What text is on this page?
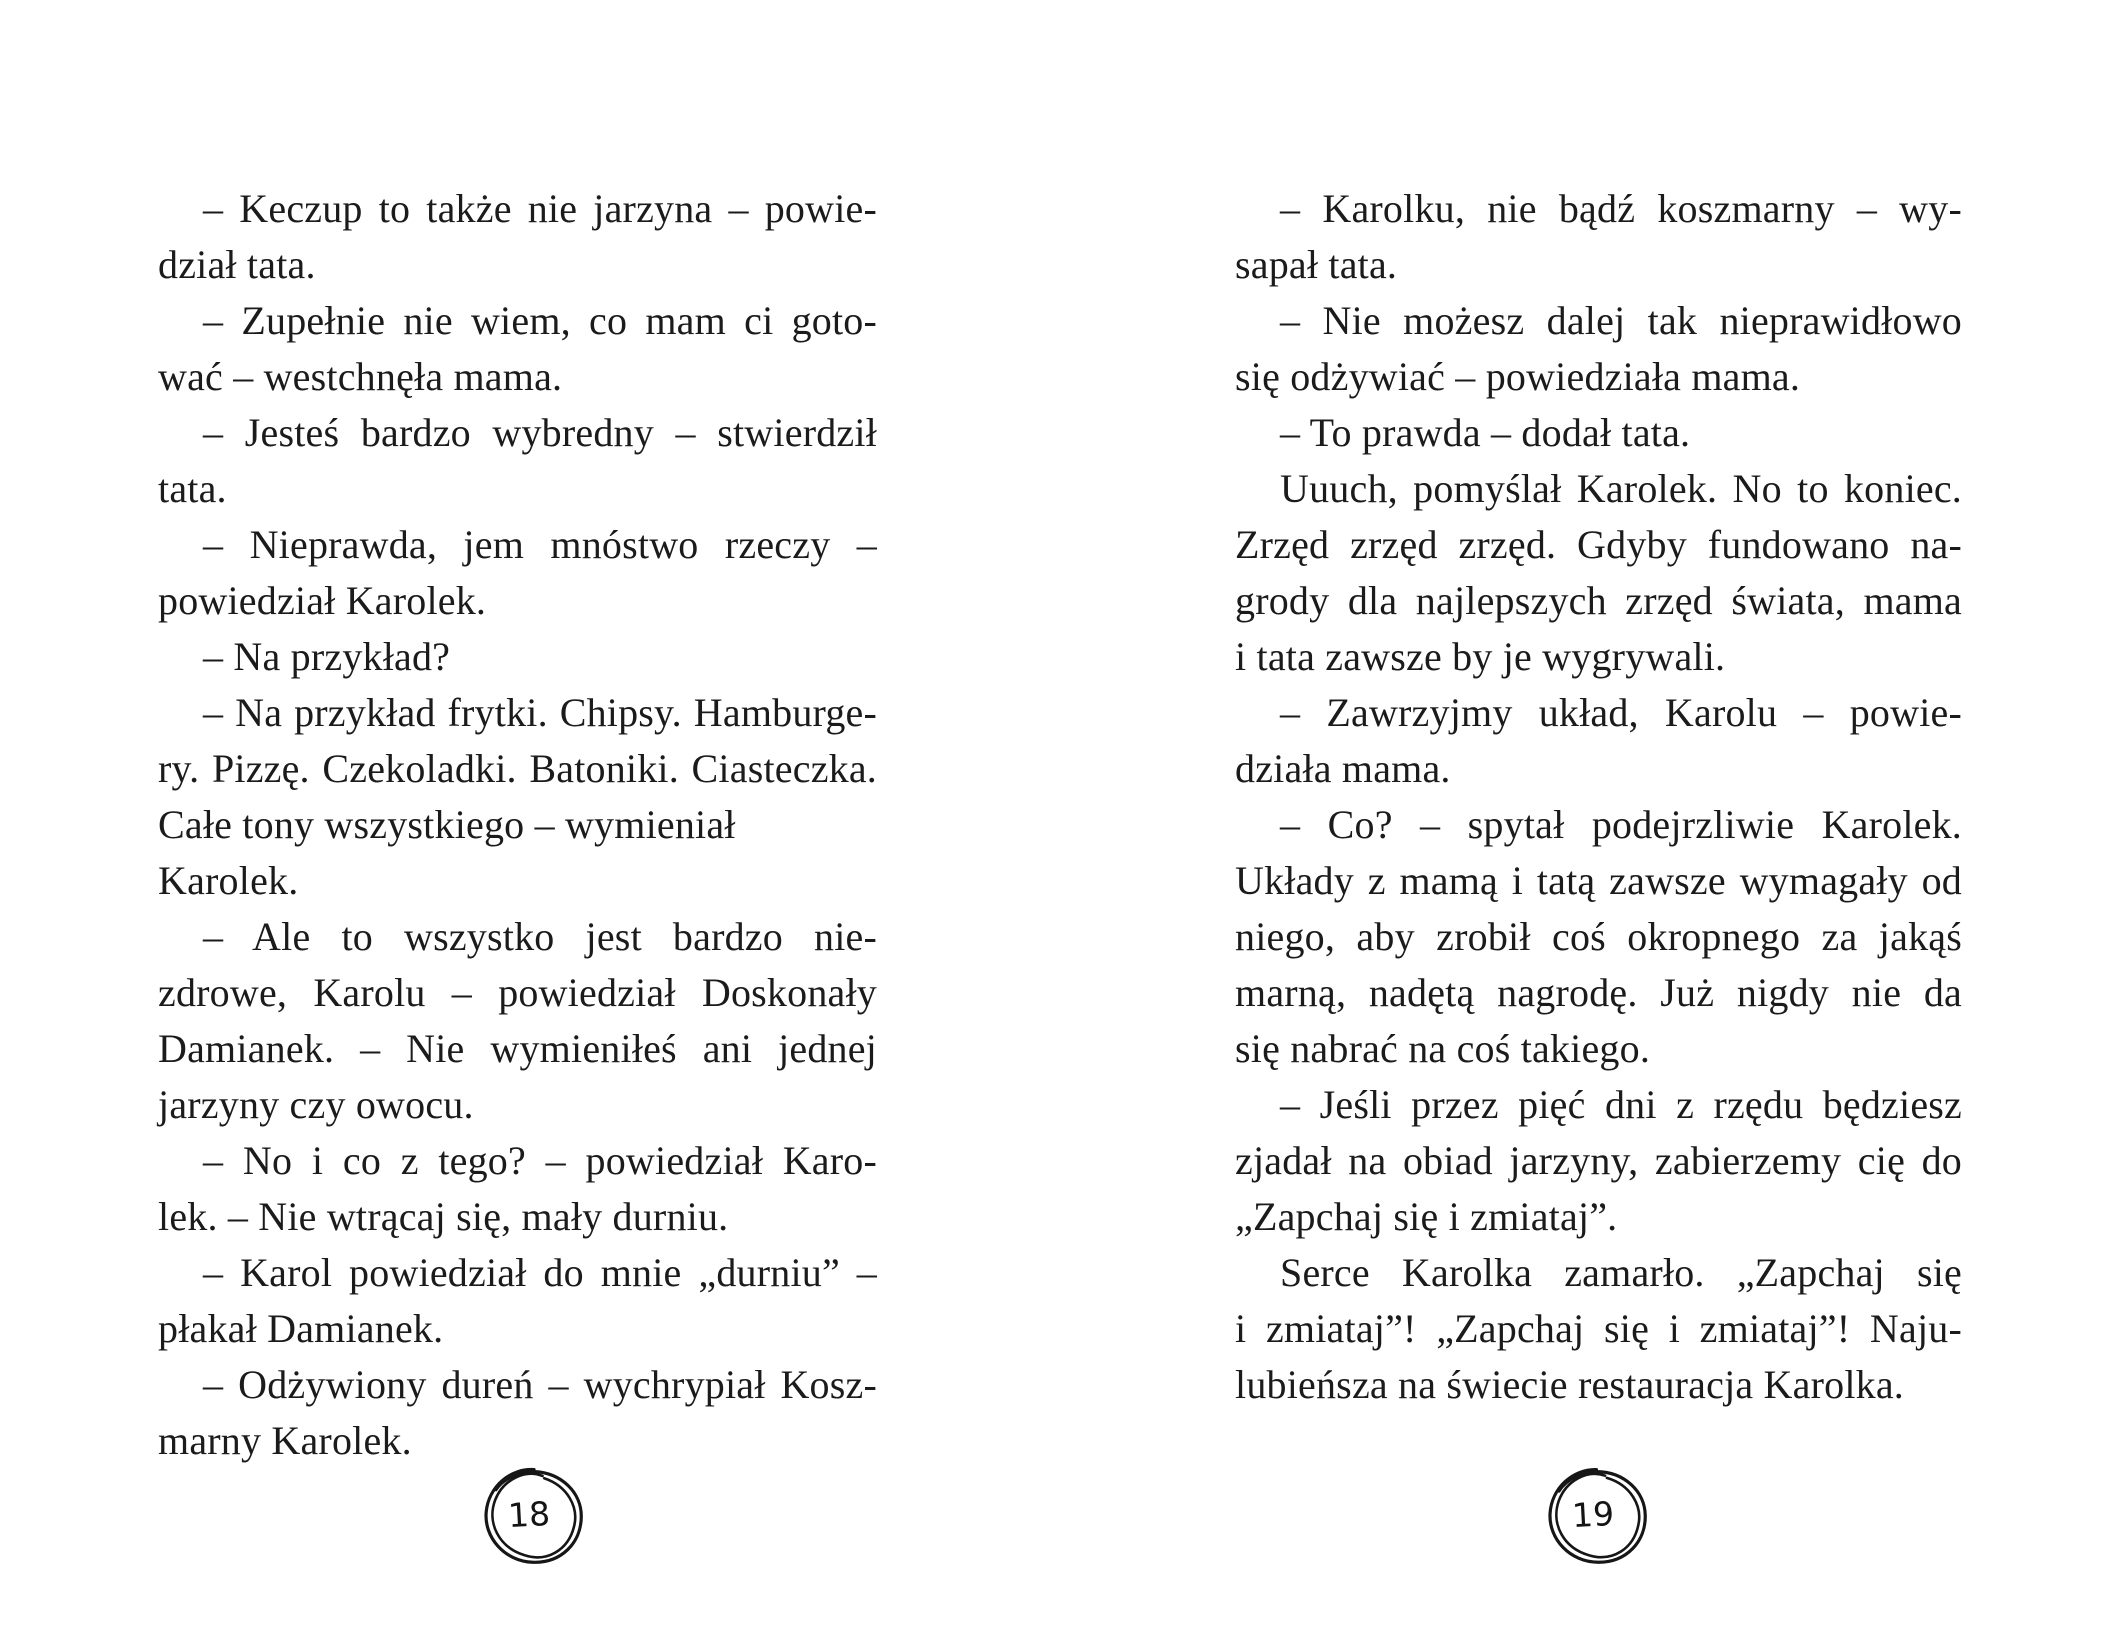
– Keczup to także nie jarzyna – powie-
dział tata.
– Zupełnie nie wiem, co mam ci goto-
wać – westchnęła mama.
– Jesteś bardzo wybredny – stwierdził
tata.
– Nieprawda, jem mnóstwo rzeczy –
powiedział Karolek.
– Na przykład?
– Na przykład frytki. Chipsy. Hamburge-
ry. Pizzę. Czekoladki. Batoniki. Ciasteczka.
Całe tony wszystkiego – wymieniał Karolek.
– Ale to wszystko jest bardzo nie-
zdrowe, Karolu – powiedział Doskonały
Damianek. – Nie wymieniłeś ani jednej
jarzyny czy owocu.
– No i co z tego? – powiedział Karo-
lek. – Nie wtrącaj się, mały durniu.
– Karol powiedział do mnie „durniu” –
płakał Damianek.
– Odżywiony dureń – wychrypiał Kosz-
marny Karolek.
– Karolku, nie bądź koszmarny – wy-
sapał tata.
– Nie możesz dalej tak nieprawidłowo
się odżywiać – powiedziała mama.
– To prawda – dodał tata.
Uuuch, pomyślał Karolek. No to koniec.
Zrzęd zrzęd zrzęd. Gdyby fundowano na-
grody dla najlepszych zrzęd świata, mama
i tata zawsze by je wygrywali.
– Zawrzyjmy układ, Karolu – powie-
działa mama.
– Co? – spytał podejrzliwie Karolek.
Układy z mamą i tatą zawsze wymagały od
niego, aby zrobił coś okropnego za jakąś
marną, nadętą nagrodę. Już nigdy nie da
się nabrać na coś takiego.
– Jeśli przez pięć dni z rzędu będziesz
zjadał na obiad jarzyny, zabierzemy cię do
„Zapchaj się i zmiataj”.
Serce Karolka zamarło. „Zapchaj się
i zmiataj”! „Zapchaj się i zmiataj”! Naju-
lubieńsza na świecie restauracja Karolka.
18	19
